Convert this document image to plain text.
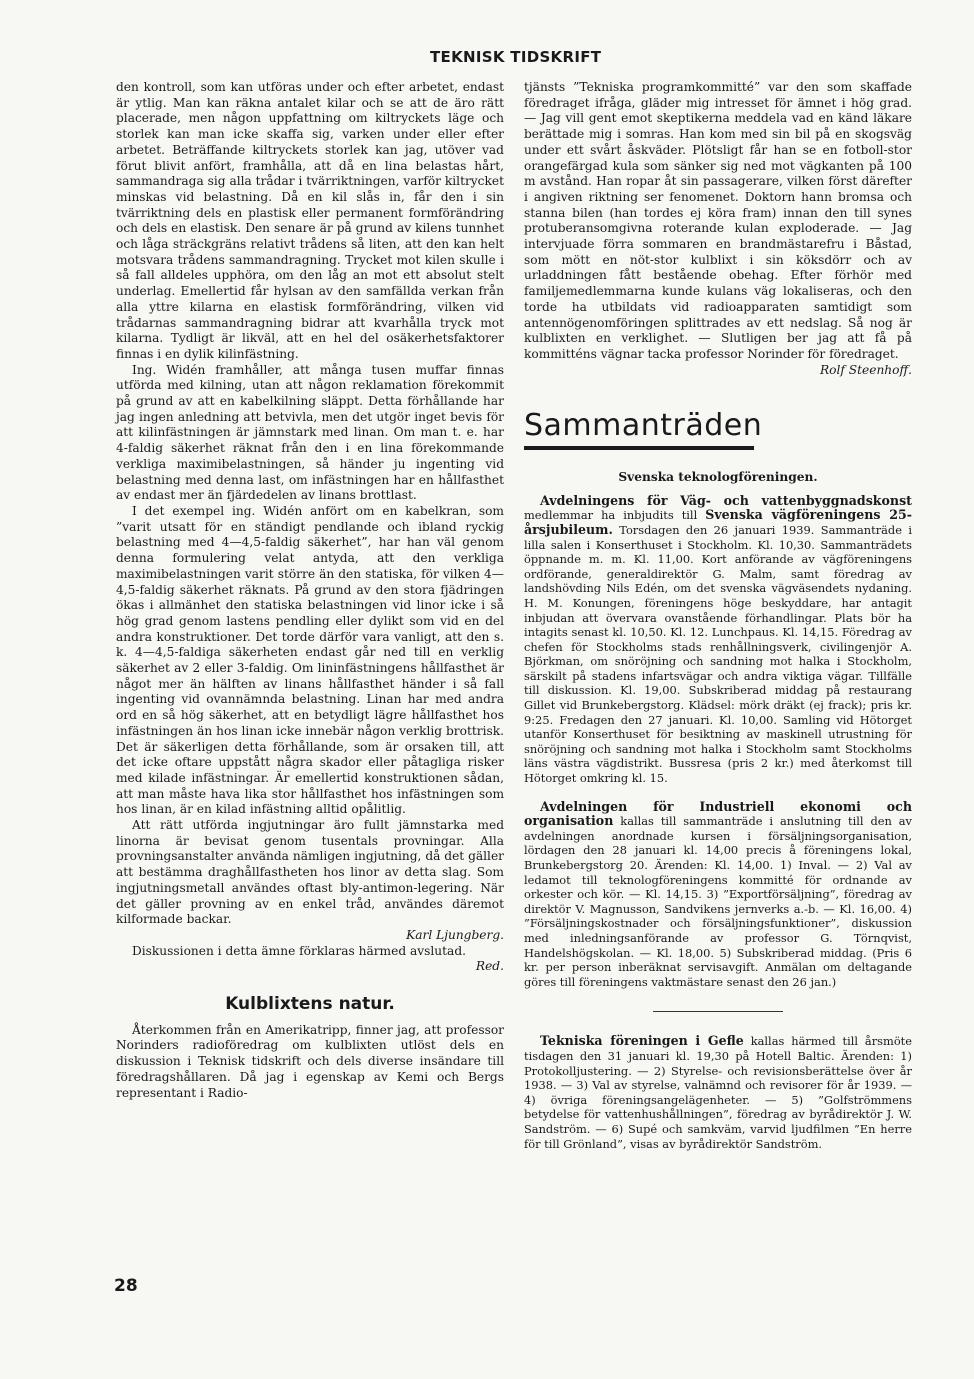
TEKNISK TIDSKRIFT

den kontroll, som kan utföras under och efter arbetet, endast är ytlig. Man kan räkna antalet kilar och se att de äro rätt placerade, men någon uppfattning om kiltryckets läge och storlek kan man icke skaffa sig, varken under eller efter arbetet. Beträffande kiltryckets storlek kan jag, utöver vad förut blivit anfört, framhålla, att då en lina belastas hårt, sammandraga sig alla trådar i tvärriktningen, varför kiltrycket minskas vid belastning. Då en kil slås in, får den i sin tvärriktning dels en plastisk eller permanent formförändring och dels en elastisk. Den senare är på grund av kilens tunnhet och låga sträckgräns relativt trådens så liten, att den kan helt motsvara trådens sammandragning. Trycket mot kilen skulle i så fall alldeles upphöra, om den låg an mot ett absolut stelt underlag. Emellertid får hylsan av den samfällda verkan från alla yttre kilarna en elastisk formförändring, vilken vid trådarnas sammandragning bidrar att kvarhålla tryck mot kilarna. Tydligt är likväl, att en hel del osäkerhetsfaktorer finnas i en dylik kilinfästning.

Ing. Widén framhåller, att många tusen muffar finnas utförda med kilning, utan att någon reklamation förekommit på grund av att en kabelkilning släppt. Detta förhållande har jag ingen anledning att betvivla, men det utgör inget bevis för att kilinfästningen är jämnstark med linan. Om man t. e. har 4-faldig säkerhet räknat från den i en lina förekommande verkliga maximibelastningen, så händer ju ingenting vid belastning med denna last, om infästningen har en hållfasthet av endast mer än fjärdedelen av linans brottlast.

I det exempel ing. Widén anfört om en kabelkran, som ”varit utsatt för en ständigt pendlande och ibland ryckig belastning med 4—4,5-faldig säkerhet”, har han väl genom denna formulering velat antyda, att den verkliga maximibelastningen varit större än den statiska, för vilken 4—4,5-faldig säkerhet räknats. På grund av den stora fjädringen ökas i allmänhet den statiska belastningen vid linor icke i så hög grad genom lastens pendling eller dylikt som vid en del andra konstruktioner. Det torde därför vara vanligt, att den s. k. 4—4,5-faldiga säkerheten endast går ned till en verklig säkerhet av 2 eller 3-faldig. Om lininfästningens hållfasthet är något mer än hälften av linans hållfasthet händer i så fall ingenting vid ovannämnda belastning. Linan har med andra ord en så hög säkerhet, att en betydligt lägre hållfasthet hos infästningen än hos linan icke innebär någon verklig brottrisk. Det är säkerligen detta förhållande, som är orsaken till, att det icke oftare uppstått några skador eller påtagliga risker med kilade infästningar. Är emellertid konstruktionen sådan, att man måste hava lika stor hållfasthet hos infästningen som hos linan, är en kilad infästning alltid opålitlig.

Att rätt utförda ingjutningar äro fullt jämnstarka med linorna är bevisat genom tusentals provningar. Alla provningsanstalter använda nämligen ingjutning, då det gäller att bestämma draghållfastheten hos linor av detta slag. Som ingjutningsmetall användes oftast bly-antimon-legering. När det gäller provning av en enkel tråd, användes däremot kilformade backar.

Karl Ljungberg.

Diskussionen i detta ämne förklaras härmed avslutad.

Red.

Kulblixtens natur.

Återkommen från en Amerikatripp, finner jag, att professor Norinders radioföredrag om kulblixten utlöst dels en diskussion i Teknisk tidskrift och dels diverse insändare till föredragshållaren. Då jag i egenskap av Kemi och Bergs representant i Radio-

tjänsts ”Tekniska programkommitté” var den som skaffade föredraget ifråga, gläder mig intresset för ämnet i hög grad. — Jag vill gent emot skeptikerna meddela vad en känd läkare berättade mig i somras. Han kom med sin bil på en skogsväg under ett svårt åskväder. Plötsligt får han se en fotboll-stor orangefärgad kula som sänker sig ned mot vägkanten på 100 m avstånd. Han ropar åt sin passagerare, vilken först därefter i angiven riktning ser fenomenet. Doktorn hann bromsa och stanna bilen (han tordes ej köra fram) innan den till synes protuberansomgivna roterande kulan exploderade. — Jag intervjuade förra sommaren en brandmästarefru i Båstad, som mött en nöt-stor kulblixt i sin köksdörr och av urladdningen fått bestående obehag. Efter förhör med familjemedlemmarna kunde kulans väg lokaliseras, och den torde ha utbildats vid radioapparaten samtidigt som antennögenomföringen splittrades av ett nedslag. Så nog är kulblixten en verklighet. — Slutligen ber jag att få på kommitténs vägnar tacka professor Norinder för föredraget.

Rolf Steenhoff.

Sammanträden
Svenska teknologföreningen.

Avdelningens för Väg- och vattenbyggnadskonst medlemmar ha inbjudits till Svenska vägföreningens 25-årsjubileum. Torsdagen den 26 januari 1939. Sammanträde i lilla salen i Konserthuset i Stockholm. Kl. 10,30. Sammanträdets öppnande m. m. Kl. 11,00. Kort anförande av vägföreningens ordförande, generaldirektör G. Malm, samt föredrag av landshövding Nils Edén, om det svenska vägväsendets nydaning. H. M. Konungen, föreningens höge beskyddare, har antagit inbjudan att övervara ovanstående förhandlingar. Plats bör ha intagits senast kl. 10,50. Kl. 12. Lunchpaus. Kl. 14,15. Föredrag av chefen för Stockholms stads renhållningsverk, civilingenjör A. Björkman, om snöröjning och sandning mot halka i Stockholm, särskilt på stadens infartsvägar och andra viktiga vägar. Tillfälle till diskussion. Kl. 19,00. Subskriberad middag på restaurang Gillet vid Brunkebergstorg. Klädsel: mörk dräkt (ej frack); pris kr. 9:25. Fredagen den 27 januari. Kl. 10,00. Samling vid Hötorget utanför Konserthuset för besiktning av maskinell utrustning för snöröjning och sandning mot halka i Stockholm samt Stockholms läns västra vägdistrikt. Bussresa (pris 2 kr.) med återkomst till Hötorget omkring kl. 15.

Avdelningen för Industriell ekonomi och organisation kallas till sammanträde i anslutning till den av avdelningen anordnade kursen i försäljningsorganisation, lördagen den 28 januari kl. 14,00 precis å föreningens lokal, Brunkebergstorg 20. Ärenden: Kl. 14,00. 1) Inval. — 2) Val av ledamot till teknologföreningens kommitté för ordnande av orkester och kör. — Kl. 14,15. 3) ”Exportförsäljning”, föredrag av direktör V. Magnusson, Sandvikens jernverks a.-b. — Kl. 16,00. 4) ”Försäljningskostnader och försäljningsfunktioner”, diskussion med inledningsanförande av professor G. Törnqvist, Handelshögskolan. — Kl. 18,00. 5) Subskriberad middag. (Pris 6 kr. per person inberäknat servisavgift. Anmälan om deltagande göres till föreningens vaktmästare senast den 26 jan.)

Tekniska föreningen i Gefle kallas härmed till årsmöte tisdagen den 31 januari kl. 19,30 på Hotell Baltic. Ärenden: 1) Protokolljustering. — 2) Styrelse- och revisionsberättelse över år 1938. — 3) Val av styrelse, valnämnd och revisorer för år 1939. — 4) övriga föreningsangelägenheter. — 5) ”Golfströmmens betydelse för vattenhushållningen”, föredrag av byrådirektör J. W. Sandström. — 6) Supé och samkväm, varvid ljudfilmen ”En herre för till Grönland”, visas av byrådirektör Sandström.

28
